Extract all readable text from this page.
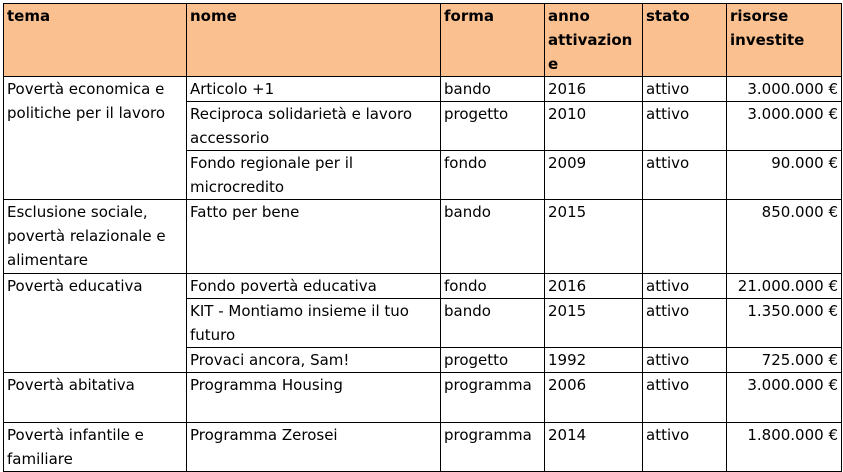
tema	nome	forma	anno attivazione	stato	risorse investite
Povertà economica e politiche per il lavoro	Articolo +1	bando	2016	attivo	3.000.000 €
	Reciproca solidarietà e lavoro accessorio	progetto	2010	attivo	3.000.000 €
	Fondo regionale per il microcredito	fondo	2009	attivo	90.000 €
Esclusione sociale, povertà relazionale e alimentare	Fatto per bene	bando	2015		850.000 €
Povertà educativa	Fondo povertà educativa	fondo	2016	attivo	21.000.000 €
	KIT - Montiamo insieme il tuo futuro	bando	2015	attivo	1.350.000 €
	Provaci ancora, Sam!	progetto	1992	attivo	725.000 €
Povertà abitativa	Programma Housing	programma	2006	attivo	3.000.000 €
Povertà infantile e familiare	Programma Zerosei	programma	2014	attivo	1.800.000 €
